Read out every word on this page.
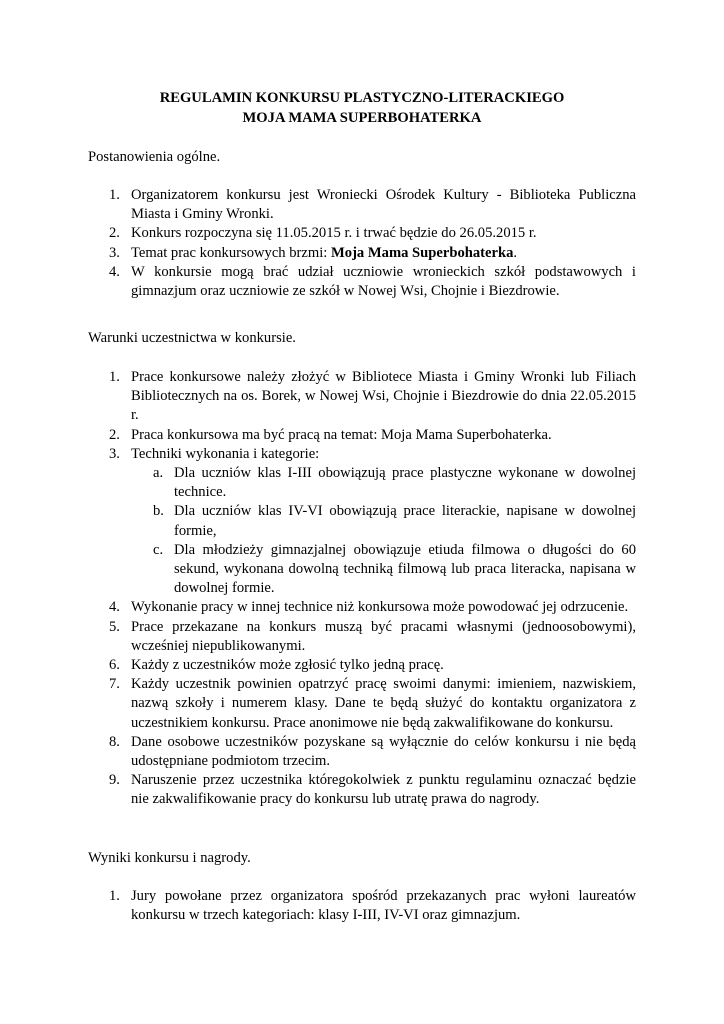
REGULAMIN KONKURSU PLASTYCZNO-LITERACKIEGO
MOJA MAMA SUPERBOHATERKA
Postanowienia ogólne.
1. Organizatorem konkursu jest Wroniecki Ośrodek Kultury - Biblioteka Publiczna Miasta i Gminy Wronki.
2. Konkurs rozpoczyna się 11.05.2015 r. i trwać będzie do 26.05.2015 r.
3. Temat prac konkursowych brzmi: Moja Mama Superbohaterka.
4. W konkursie mogą brać udział uczniowie wronieckich szkół podstawowych i gimnazjum oraz uczniowie ze szkół w Nowej Wsi, Chojnie i Biezdrowie.
Warunki uczestnictwa w konkursie.
1. Prace konkursowe należy złożyć w Bibliotece Miasta i Gminy Wronki lub Filiach Bibliotecznych na os. Borek, w Nowej Wsi, Chojnie i Biezdrowie do dnia 22.05.2015 r.
2. Praca konkursowa ma być pracą na temat: Moja Mama Superbohaterka.
3. Techniki wykonania i kategorie:
a. Dla uczniów klas I-III obowiązują prace plastyczne wykonane w dowolnej technice.
b. Dla uczniów klas IV-VI obowiązują prace literackie, napisane w dowolnej formie,
c. Dla młodzieży gimnazjalnej obowiązuje etiuda filmowa o długości do 60 sekund, wykonana dowolną techniką filmową lub praca literacka, napisana w dowolnej formie.
4. Wykonanie pracy w innej technice niż konkursowa może powodować jej odrzucenie.
5. Prace przekazane na konkurs muszą być pracami własnymi (jednoosobowymi), wcześniej niepublikowanymi.
6. Każdy z uczestników może zgłosić tylko jedną pracę.
7. Każdy uczestnik powinien opatrzyć pracę swoimi danymi: imieniem, nazwiskiem, nazwą szkoły i numerem klasy. Dane te będą służyć do kontaktu organizatora z uczestnikiem konkursu. Prace anonimowe nie będą zakwalifikowane do konkursu.
8. Dane osobowe uczestników pozyskane są wyłącznie do celów konkursu i nie będą udostępniane podmiotom trzecim.
9. Naruszenie przez uczestnika któregokolwiek z punktu regulaminu oznaczać będzie nie zakwalifikowanie pracy do konkursu lub utratę prawa do nagrody.
Wyniki konkursu i nagrody.
1. Jury powołane przez organizatora spośród przekazanych prac wyłoni laureatów konkursu w trzech kategoriach: klasy I-III, IV-VI oraz gimnazjum.
